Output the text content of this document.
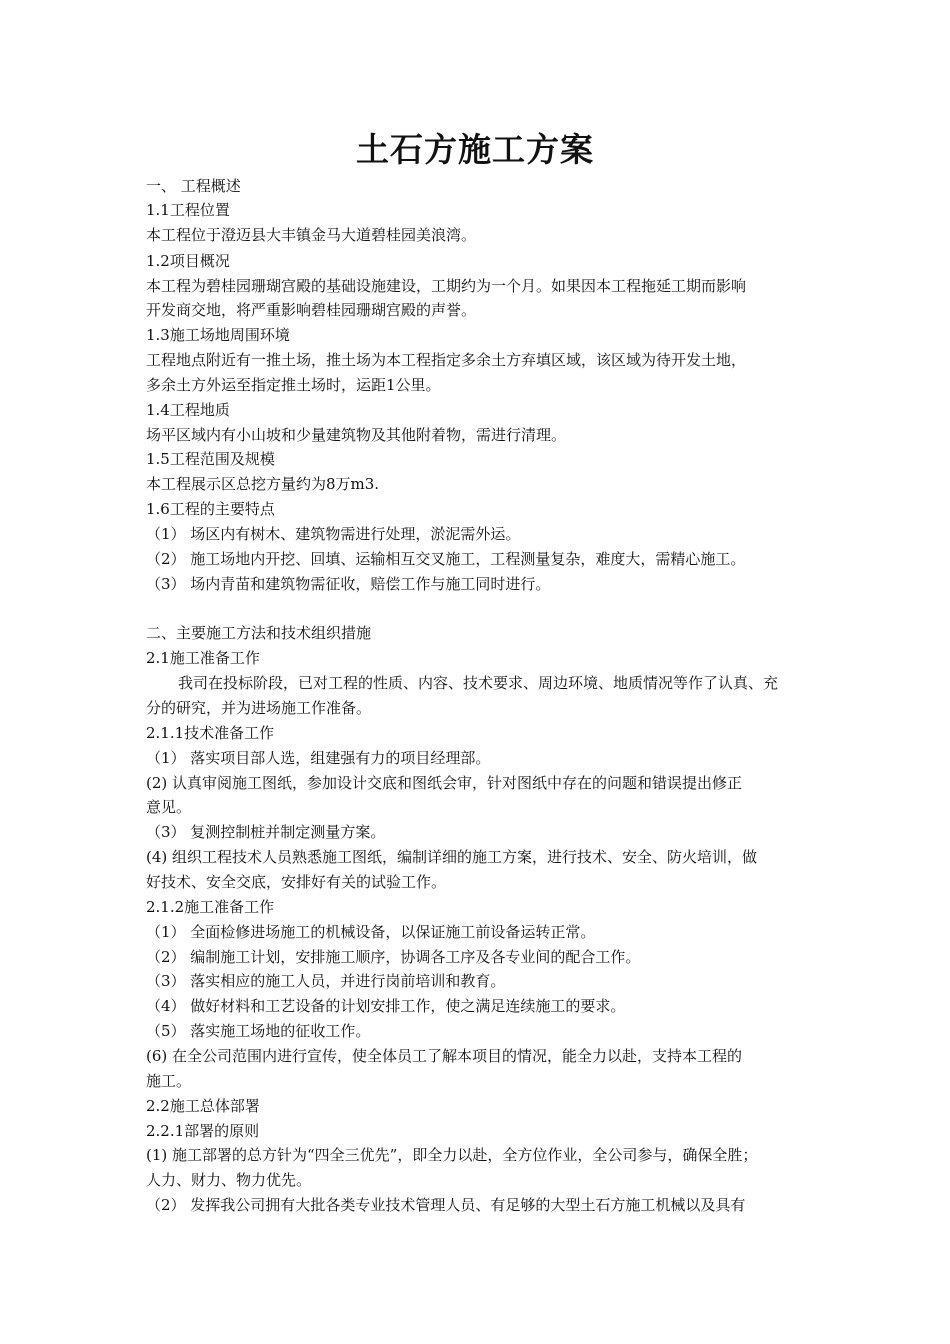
土石方施工方案
一、 工程概述
1.1工程位置
本工程位于澄迈县大丰镇金马大道碧桂园美浪湾。
1.2项目概况
本工程为碧桂园珊瑚宫殿的基础设施建设，工期约为一个月。如果因本工程拖延工期而影响
开发商交地，将严重影响碧桂园珊瑚宫殿的声誉。
1.3施工场地周围环境
工程地点附近有一推土场，推土场为本工程指定多余土方弃填区域，该区域为待开发土地，
多余土方外运至指定推土场时，运距1公里。
1.4工程地质
场平区域内有小山坡和少量建筑物及其他附着物，需进行清理。
1.5工程范围及规模
本工程展示区总挖方量约为8万m3.
1.6工程的主要特点
（1） 场区内有树木、建筑物需进行处理，淤泥需外运。
（2） 施工场地内开挖、回填、运输相互交叉施工，工程测量复杂，难度大，需精心施工。
（3） 场内青苗和建筑物需征收，赔偿工作与施工同时进行。
二、主要施工方法和技术组织措施
2.1施工准备工作
我司在投标阶段，已对工程的性质、内容、技术要求、周边环境、地质情况等作了认真、充
分的研究，并为进场施工作准备。
2.1.1技术准备工作
（1） 落实项目部人选，组建强有力的项目经理部。
(2) 认真审阅施工图纸，参加设计交底和图纸会审，针对图纸中存在的问题和错误提出修正
意见。
（3） 复测控制桩并制定测量方案。
(4) 组织工程技术人员熟悉施工图纸，编制详细的施工方案，进行技术、安全、防火培训，做
好技术、安全交底，安排好有关的试验工作。
2.1.2施工准备工作
（1） 全面检修进场施工的机械设备，以保证施工前设备运转正常。
（2） 编制施工计划，安排施工顺序，协调各工序及各专业间的配合工作。
（3） 落实相应的施工人员，并进行岗前培训和教育。
（4） 做好材料和工艺设备的计划安排工作，使之满足连续施工的要求。
（5） 落实施工场地的征收工作。
(6) 在全公司范围内进行宣传，使全体员工了解本项目的情况，能全力以赴，支持本工程的
施工。
2.2施工总体部署
2.2.1部署的原则
(1) 施工部署的总方针为“四全三优先”，即全力以赴，全方位作业，全公司参与，确保全胜；
人力、财力、物力优先。
（2） 发挥我公司拥有大批各类专业技术管理人员、有足够的大型土石方施工机械以及具有
